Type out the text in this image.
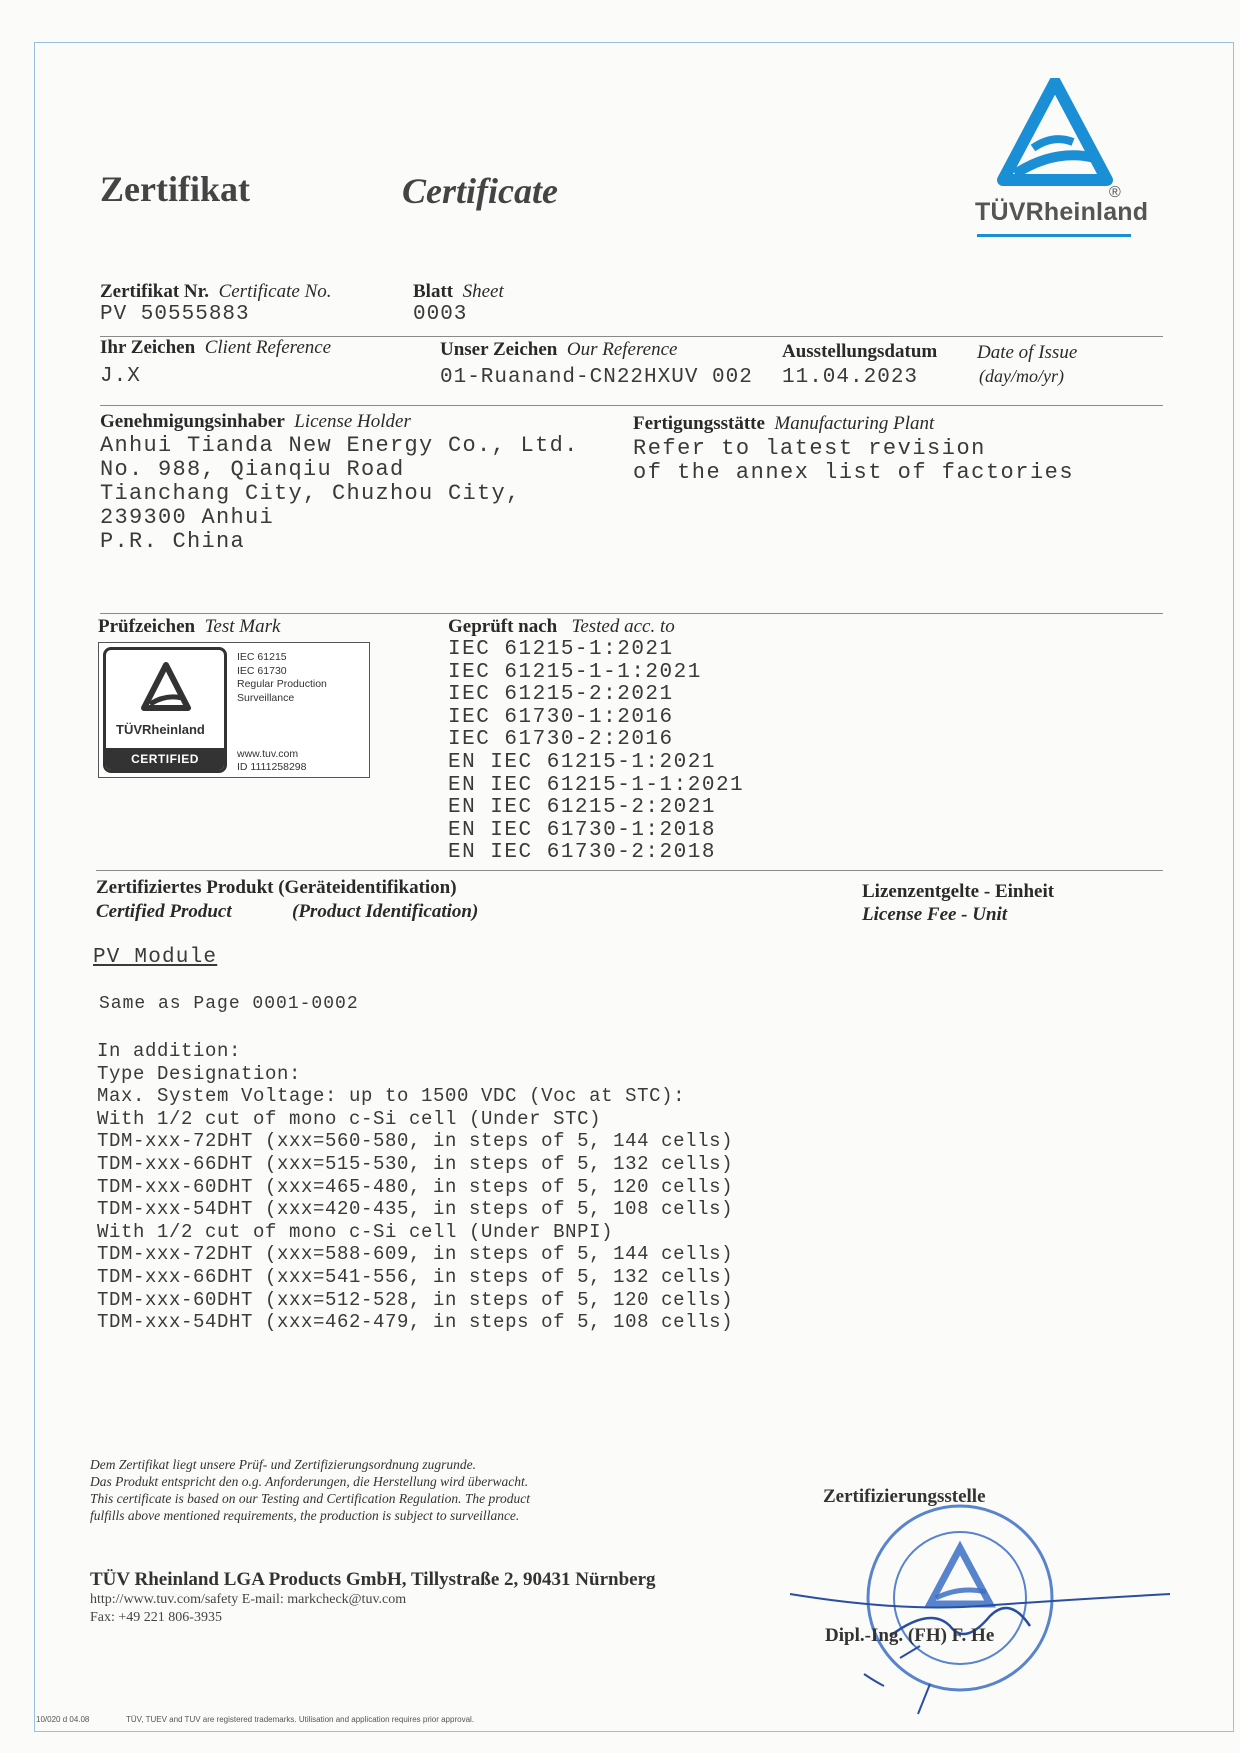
Zertifikat	Certificate	®
TÜVRheinland
Zertifikat Nr. Certificate No.
PV 50555883
Blatt Sheet
0003
Ihr Zeichen Client Reference
J.X
Unser Zeichen Our Reference
01-Ruanand-CN22HXUV 002
Ausstellungsdatum Date of Issue
(day/mo/yr)
11.04.2023
Genehmigungsinhaber License Holder
Anhui Tianda New Energy Co., Ltd.
No. 988, Qianqiu Road
Tianchang City, Chuzhou City,
239300 Anhui
P.R. China
Fertigungsstätte Manufacturing Plant
Refer to latest revision
of the annex list of factories
Prüfzeichen Test Mark
TÜVRheinland
CERTIFIED
IEC 61215
IEC 61730
Regular Production
Surveillance
www.tuv.com
ID 1111258298
Geprüft nach Tested acc. to
IEC 61215-1:2021
IEC 61215-1-1:2021
IEC 61215-2:2021
IEC 61730-1:2016
IEC 61730-2:2016
EN IEC 61215-1:2021
EN IEC 61215-1-1:2021
EN IEC 61215-2:2021
EN IEC 61730-1:2018
EN IEC 61730-2:2018
Zertifiziertes Produkt (Geräteidentifikation)
Certified Product	(Product Identification)
Lizenzentgelte - Einheit
License Fee - Unit
PV Module
Same as Page 0001-0002
In addition:
Type Designation:
Max. System Voltage: up to 1500 VDC (Voc at STC):
With 1/2 cut of mono c-Si cell (Under STC)
TDM-xxx-72DHT (xxx=560-580, in steps of 5, 144 cells)
TDM-xxx-66DHT (xxx=515-530, in steps of 5, 132 cells)
TDM-xxx-60DHT (xxx=465-480, in steps of 5, 120 cells)
TDM-xxx-54DHT (xxx=420-435, in steps of 5, 108 cells)
With 1/2 cut of mono c-Si cell (Under BNPI)
TDM-xxx-72DHT (xxx=588-609, in steps of 5, 144 cells)
TDM-xxx-66DHT (xxx=541-556, in steps of 5, 132 cells)
TDM-xxx-60DHT (xxx=512-528, in steps of 5, 120 cells)
TDM-xxx-54DHT (xxx=462-479, in steps of 5, 108 cells)
Dem Zertifikat liegt unsere Prüf- und Zertifizierungsordnung zugrunde.
Das Produkt entspricht den o.g. Anforderungen, die Herstellung wird überwacht.
This certificate is based on our Testing and Certification Regulation. The product
fulfills above mentioned requirements, the production is subject to surveillance.
TÜV Rheinland LGA Products GmbH, Tillystraße 2, 90431 Nürnberg
http://www.tuv.com/safety E-mail: markcheck@tuv.com
Fax: +49 221 806-3935
Zertifizierungsstelle
Dipl.-Ing. (FH) F. He
10/020 d 04.08	TÜV, TUEV and TUV are registered trademarks. Utilisation and application requires prior approval.
